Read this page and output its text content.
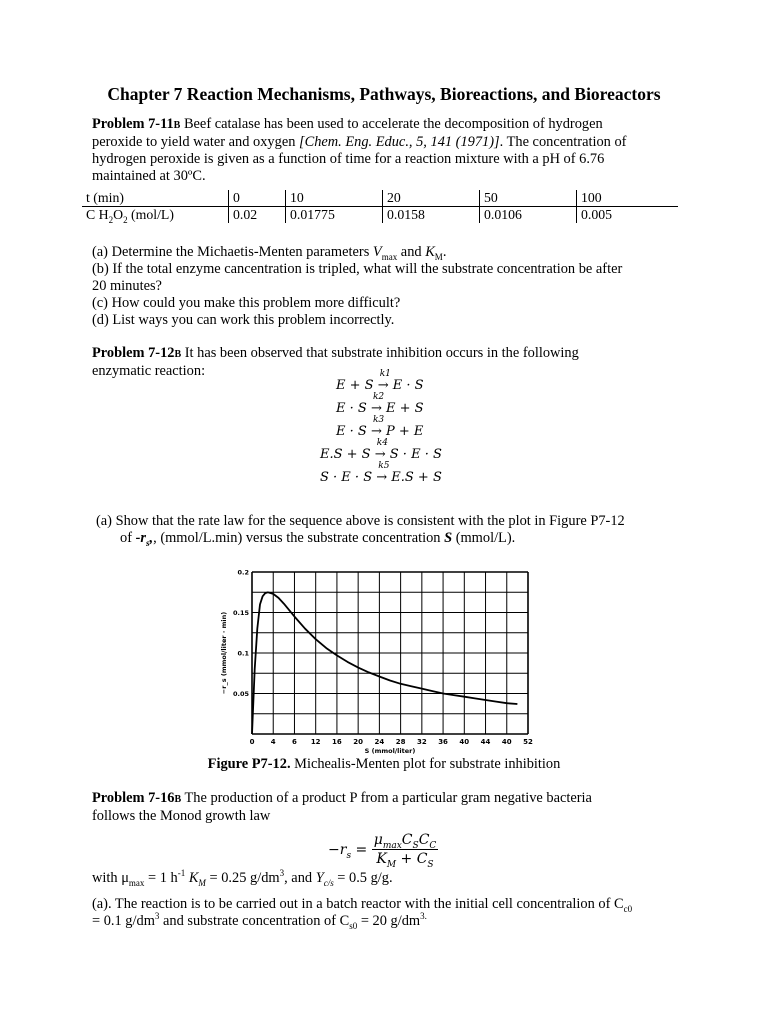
Chapter 7 Reaction Mechanisms, Pathways, Bioreactions, and Bioreactors
Problem 7-11B Beef catalase has been used to accelerate the decomposition of hydrogen
peroxide to yield water and oxygen [Chem. Eng. Educ., 5, 141 (1971)]. The concentration of
hydrogen peroxide is given as a function of time for a reaction mixture with a pH of 6.76
maintained at 30ºC.
t (min)	0	10	20	50	100
C $H_2O_2$ (mol/L)	0.02	0.01775	0.0158	0.0106	0.005
(a) Determine the Michaetis-Menten parameters $V_{max}$ and $K_M$.
(b) If the total enzyme cancentration is tripled, what will the substrate concentration be after
20 minutes?
(c) How could you make this problem more difficult?
(d) List ways you can work this problem incorrectly.
Problem 7-12B It has been observed that substrate inhibition occurs in the following
enzymatic reaction:
E + S
k1
→ E · S
E · S
k2
→ E + S
E · S
k3
→ P + E
E.S + S
k4
→ S · E · S
S · E · S
k5
→ E.S + S
(a) Show that the rate law for the sequence above is consistent with the plot in Figure P7-12
of $-r_s$,, (mmol/L.min) versus the substrate concentration S (mmol/L).
0 4 6 12 16 20 24 28 32 36 40 44 40 52
0.05
0.1
0.15
0.2
S (mmol/liter)
−r_s (mmol/liter · min)
Figure P7-12. Michealis-Menten plot for substrate inhibition
Problem 7-16B The production of a product P from a particular gram negative bacteria
follows the Monod growth law
$-r_s = \frac{\mu_{max}C_SC_C}{K_M + C_S}$
with $\mu_{max} = 1$ $h^{-1}$ $K_M = 0.25$ $g/dm^3$, and $Y_{c/s} = 0.5$ g/g.
(a). The reaction is to be carried out in a batch reactor with the initial cell concentralion of $C_{c0}$
= 0.1 $g/dm^3$ and substrate concentration of $C_{s0} = 20$ $g/dm^{3.}$
